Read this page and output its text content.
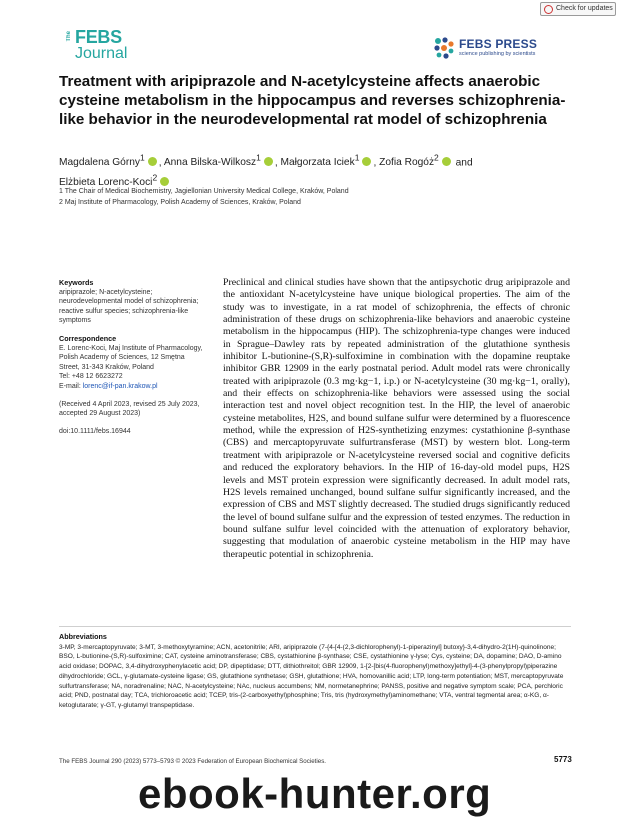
Check for updates
The FEBS
Journal
FEBS PRESS
science publishing by scientists
Treatment with aripiprazole and N-acetylcysteine affects anaerobic cysteine metabolism in the hippocampus and reverses schizophrenia-like behavior in the neurodevelopmental rat model of schizophrenia
Magdalena Górny$^1$ , Anna Bilska-Wilkosz$^1$ , Małgorzata Iciek$^1$ , Zofia Rogóż$^2$ and
Elżbieta Lorenc-Koci$^2$
1 The Chair of Medical Biochemistry, Jagiellonian University Medical College, Kraków, Poland
2 Maj Institute of Pharmacology, Polish Academy of Sciences, Kraków, Poland
Keywords

aripiprazole; N-acetylcysteine; neurodevelopmental model of schizophrenia; reactive sulfur species; schizophrenia-like symptoms

Correspondence

E. Lorenc-Koci, Maj Institute of Pharmacology, Polish Academy of Sciences, 12 Smętna Street, 31-343 Kraków, Poland

Tel: +48 12 6623272

E-mail: lorenc@if-pan.krakow.pl

(Received 4 April 2023, revised 25 July 2023, accepted 29 August 2023)

doi:10.1111/febs.16944

Preclinical and clinical studies have shown that the antipsychotic drug aripiprazole and the antioxidant N-acetylcysteine have unique biological properties. The aim of the study was to investigate, in a rat model of schizophrenia, the effects of chronic administration of these drugs on schizophrenia-like behaviors and anaerobic cysteine metabolism in the hippocampus (HIP). The schizophrenia-type changes were induced in Sprague–Dawley rats by repeated administration of the glutathione synthesis inhibitor L-butionine-(S,R)-sulfoximine in combination with the dopamine reuptake inhibitor GBR 12909 in the early postnatal period. Adult model rats were chronically treated with aripiprazole (0.3 mg·kg−1, i.p.) or N-acetylcysteine (30 mg·kg−1, orally), and their effects on schizophrenia-like behaviors were assessed using the social interaction test and novel object recognition test. In the HIP, the level of anaerobic cysteine metabolites, H2S, and bound sulfane sulfur were determined by a fluorescence method, while the expression of H2S-synthetizing enzymes: cystathionine β-synthase (CBS) and mercaptopyruvate sulfurtransferase (MST) by western blot. Long-term treatment with aripiprazole or N-acetylcysteine reversed social and cognitive deficits and reduced the exploratory behaviors. In the HIP of 16-day-old model pups, H2S levels and MST protein expression were significantly decreased. In adult model rats, H2S levels remained unchanged, bound sulfane sulfur significantly increased, and the expression of CBS and MST slightly decreased. The studied drugs significantly reduced the level of bound sulfane sulfur and the expression of tested enzymes. The reduction in bound sulfane sulfur level coincided with the attenuation of exploratory behavior, suggesting that modulation of anaerobic cysteine metabolism in the HIP may have therapeutic potential in schizophrenia.
Abbreviations
3-MP, 3-mercaptopyruvate; 3-MT, 3-methoxytyramine; ACN, acetonitrile; ARI, aripiprazole (7-{4-[4-(2,3-dichlorophenyl)-1-piperazinyl] butoxy}-3,4-dihydro-2(1H)-quinolinone; BSO, L-butionine-(S,R)-sulfoximine; CAT, cysteine aminotransferase; CBS, cystathionine β-synthase; CSE, cystathionine γ-lyse; Cys, cysteine; DA, dopamine; DAO, D-amino acid oxidase; DOPAC, 3,4-dihydroxyphenylacetic acid; DP, dipeptidase; DTT, dithiothreitol; GBR 12909, 1-[2-[bis(4-fluorophenyl)methoxy]ethyl]-4-(3-phenylpropyl)piperazine dihydrochloride; GCL, γ-glutamate-cysteine ligase; GS, glutathione synthetase; GSH, glutathione; HVA, homovanillic acid; LTP, long-term potentiation; MST, mercaptopyruvate sulfurtransferase; NA, noradrenaline; NAC, N-acetylcysteine; NAc, nucleus accumbens; NM, normetanephrine; PANSS, positive and negative symptom scale; PCA, perchloric acid; PND, postnatal day; TCA, trichloroacetic acid; TCEP, tris-(2-carboxyethyl)phosphine; Tris, tris (hydroxymethyl)aminomethane; VTA, ventral tegmental area; α-KG, α-ketoglutarate; γ-GT, γ-glutamyl transpeptidase.
The FEBS Journal 290 (2023) 5773–5793 © 2023 Federation of European Biochemical Societies.	5773
ebook-hunter.org
